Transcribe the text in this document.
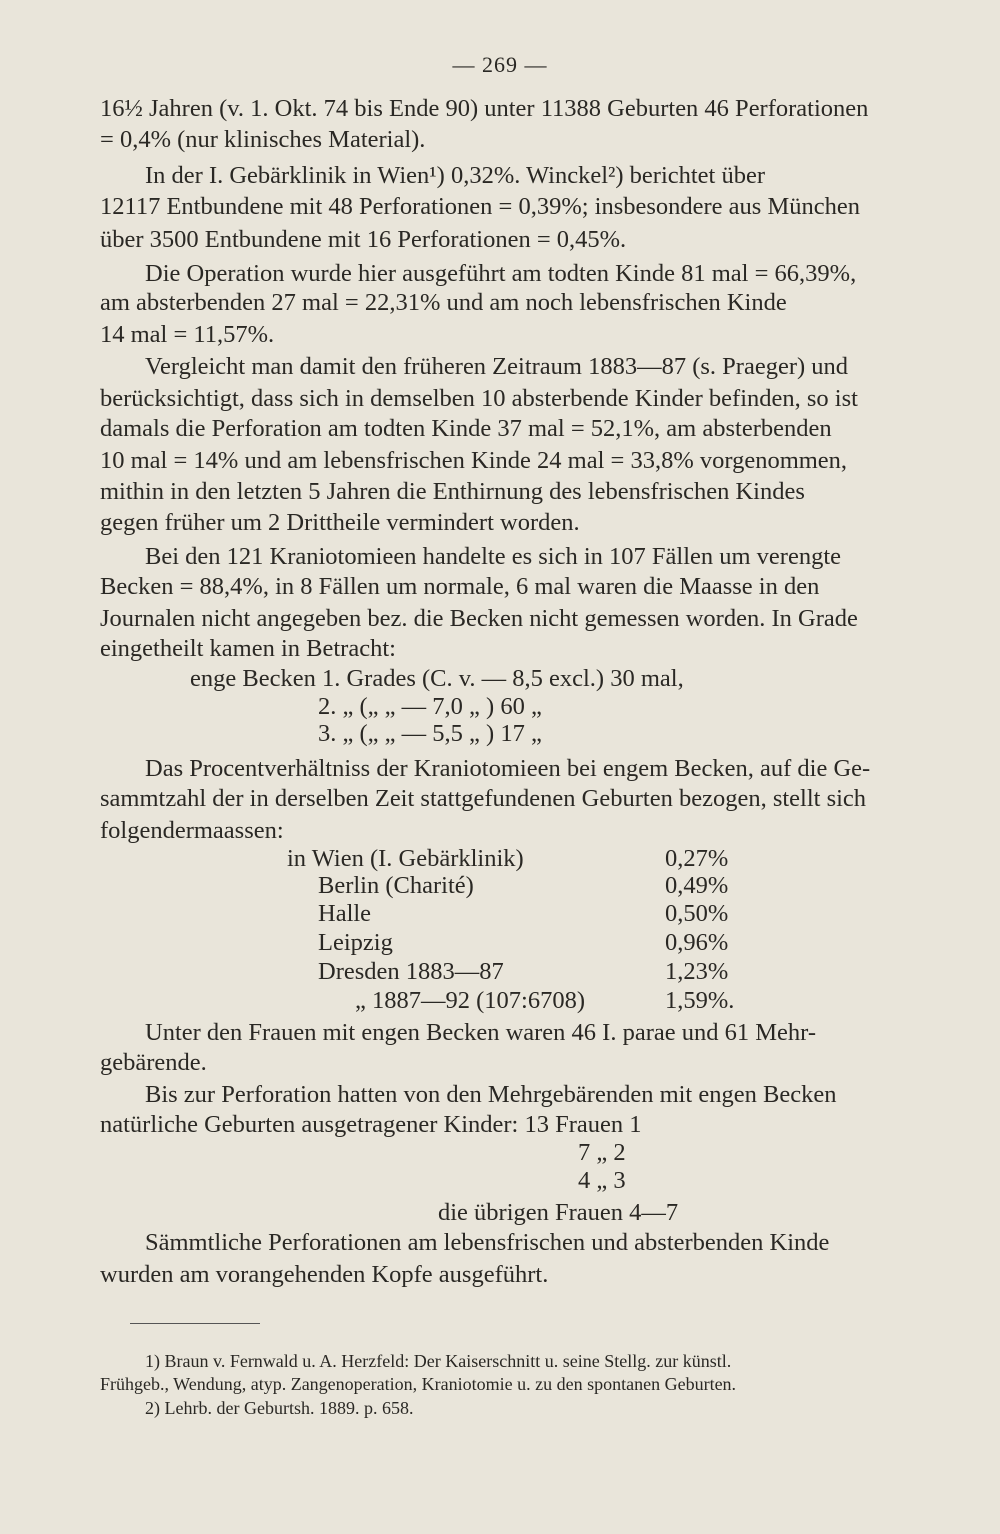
— 269 —
16½ Jahren (v. 1. Okt. 74 bis Ende 90) unter 11388 Geburten 46 Perforationen
= 0,4% (nur klinisches Material).
In der I. Gebärklinik in Wien¹) 0,32%. Winckel²) berichtet über
12117 Entbundene mit 48 Perforationen = 0,39%; insbesondere aus München
über 3500 Entbundene mit 16 Perforationen = 0,45%.
Die Operation wurde hier ausgeführt am todten Kinde 81 mal = 66,39%,
am absterbenden 27 mal = 22,31% und am noch lebensfrischen Kinde
14 mal = 11,57%.
Vergleicht man damit den früheren Zeitraum 1883—87 (s. Praeger) und
berücksichtigt, dass sich in demselben 10 absterbende Kinder befinden, so ist
damals die Perforation am todten Kinde 37 mal = 52,1%, am absterbenden
10 mal = 14% und am lebensfrischen Kinde 24 mal = 33,8% vorgenommen,
mithin in den letzten 5 Jahren die Enthirnung des lebensfrischen Kindes
gegen früher um 2 Drittheile vermindert worden.
Bei den 121 Kraniotomieen handelte es sich in 107 Fällen um verengte
Becken = 88,4%, in 8 Fällen um normale, 6 mal waren die Maasse in den
Journalen nicht angegeben bez. die Becken nicht gemessen worden. In Grade
eingetheilt kamen in Betracht:
enge Becken 1. Grades (C. v. — 8,5 excl.) 30 mal,
2. „ („ „ — 7,0 „ ) 60 „
3. „ („ „ — 5,5 „ ) 17 „
Das Procentverhältniss der Kraniotomieen bei engem Becken, auf die Ge-
sammtzahl der in derselben Zeit stattgefundenen Geburten bezogen, stellt sich
folgendermaassen:
in Wien (I. Gebärklinik)	0,27%
Berlin (Charité)	0,49%
Halle	0,50%
Leipzig	0,96%
Dresden 1883—87	1,23%
„ 1887—92 (107:6708)	1,59%.
Unter den Frauen mit engen Becken waren 46 I. parae und 61 Mehr-
gebärende.
Bis zur Perforation hatten von den Mehrgebärenden mit engen Becken
natürliche Geburten ausgetragener Kinder: 13 Frauen 1
7 „ 2
4 „ 3
die übrigen Frauen 4—7
Sämmtliche Perforationen am lebensfrischen und absterbenden Kinde
wurden am vorangehenden Kopfe ausgeführt.
1) Braun v. Fernwald u. A. Herzfeld: Der Kaiserschnitt u. seine Stellg. zur künstl.
Frühgeb., Wendung, atyp. Zangenoperation, Kraniotomie u. zu den spontanen Geburten.
2) Lehrb. der Geburtsh. 1889. p. 658.
